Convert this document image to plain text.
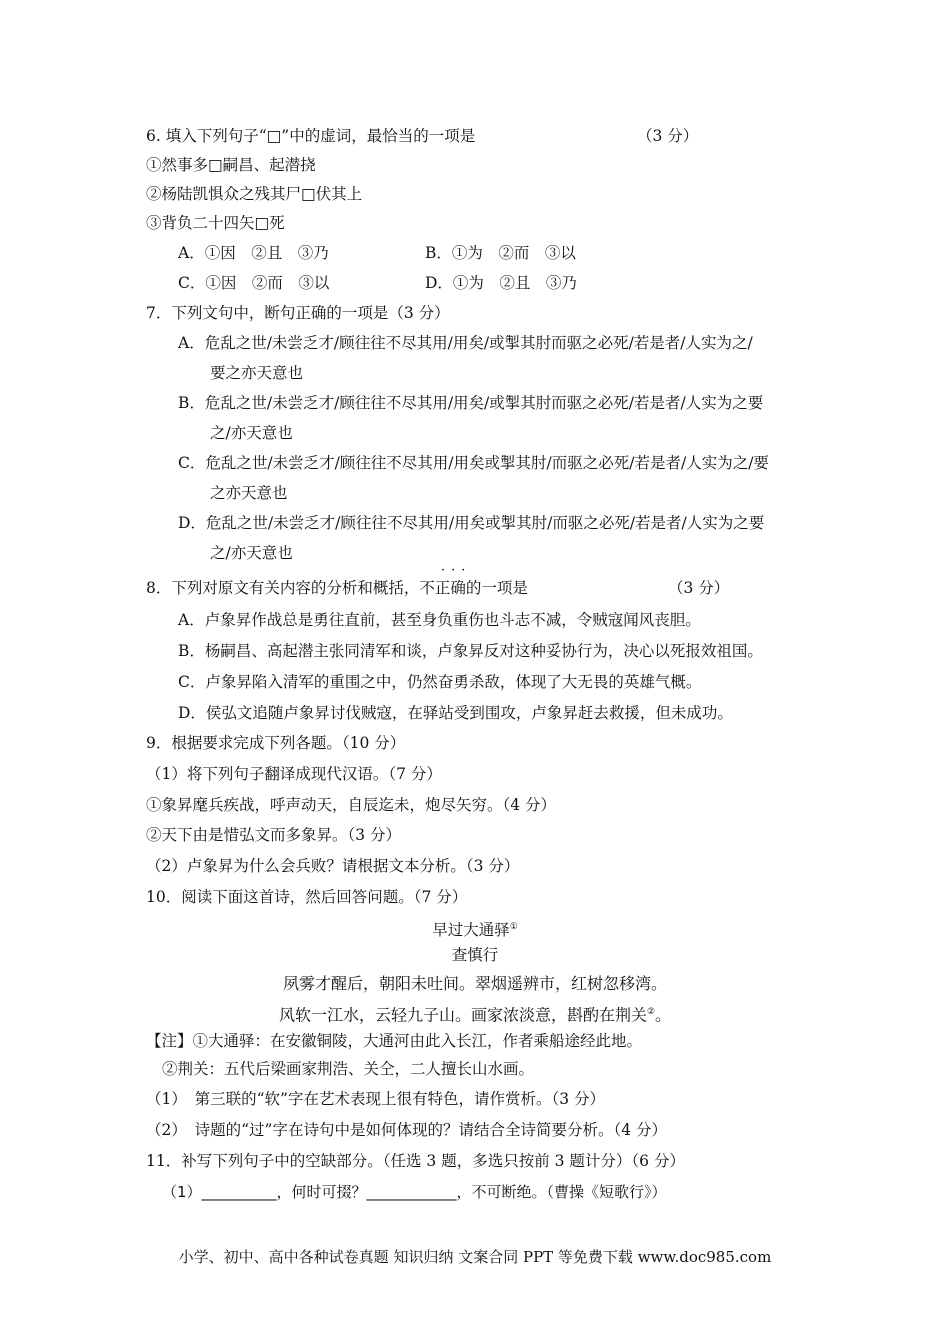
6. 填入下列句子“□”中的虚词，最恰当的一项是	（3 分）
①然事多□嗣昌、起潜挠
②杨陆凯惧众之残其尸□伏其上
③背负二十四矢□死
A．①因　②且　③乃	B．①为　②而　③以
C．①因　②而　③以	D．①为　②且　③乃
7．下列文句中，断句正确的一项是（3 分）
A．危乱之世/未尝乏才/顾往往不尽其用/用矣/或掣其肘而驱之必死/若是者/人实为之/
要之亦天意也
B．危乱之世/未尝乏才/顾往往不尽其用/用矣/或掣其肘而驱之必死/若是者/人实为之要
之/亦天意也
C．危乱之世/未尝乏才/顾往往不尽其用/用矣或掣其肘/而驱之必死/若是者/人实为之/要
之亦天意也
D．危乱之世/未尝乏才/顾往往不尽其用/用矣或掣其肘/而驱之必死/若是者/人实为之要
之/亦天意也
···
8．下列对原文有关内容的分析和概括，不正确的一项是	（3 分）
A．卢象昇作战总是勇往直前，甚至身负重伤也斗志不减，令贼寇闻风丧胆。
B．杨嗣昌、高起潜主张同清军和谈，卢象昇反对这种妥协行为，决心以死报效祖国。
C．卢象昇陷入清军的重围之中，仍然奋勇杀敌，体现了大无畏的英雄气概。
D．侯弘文追随卢象昇讨伐贼寇，在驿站受到围攻，卢象昇赶去救援，但未成功。
9．根据要求完成下列各题。（10 分）
（1）将下列句子翻译成现代汉语。（7 分）
①象昇麾兵疾战，呼声动天，自辰迄未，炮尽矢穷。（4 分）
②天下由是惜弘文而多象昇。（3 分）
（2）卢象昇为什么会兵败？请根据文本分析。（3 分）
10．阅读下面这首诗，然后回答问题。（7 分）
早过大通驿①
查慎行
夙雾才醒后，朝阳未吐间。翠烟遥辨市，红树忽移湾。
风软一江水，云轻九子山。画家浓淡意，斟酌在荆关②。
【注】①大通驿：在安徽铜陵，大通河由此入长江，作者乘船途经此地。
②荆关：五代后梁画家荆浩、关仝，二人擅长山水画。
（1）　第三联的“软”字在艺术表现上很有特色，请作赏析。（3 分）
（2）　诗题的“过”字在诗句中是如何体现的？请结合全诗简要分析。（4 分）
11．补写下列句子中的空缺部分。（任选 3 题，多选只按前 3 题计分）（6 分）
（1）__________，何时可掇？____________，不可断绝。（曹操《短歌行》）
小学、初中、高中各种试卷真题 知识归纳 文案合同 PPT 等免费下载 www.doc985.com
